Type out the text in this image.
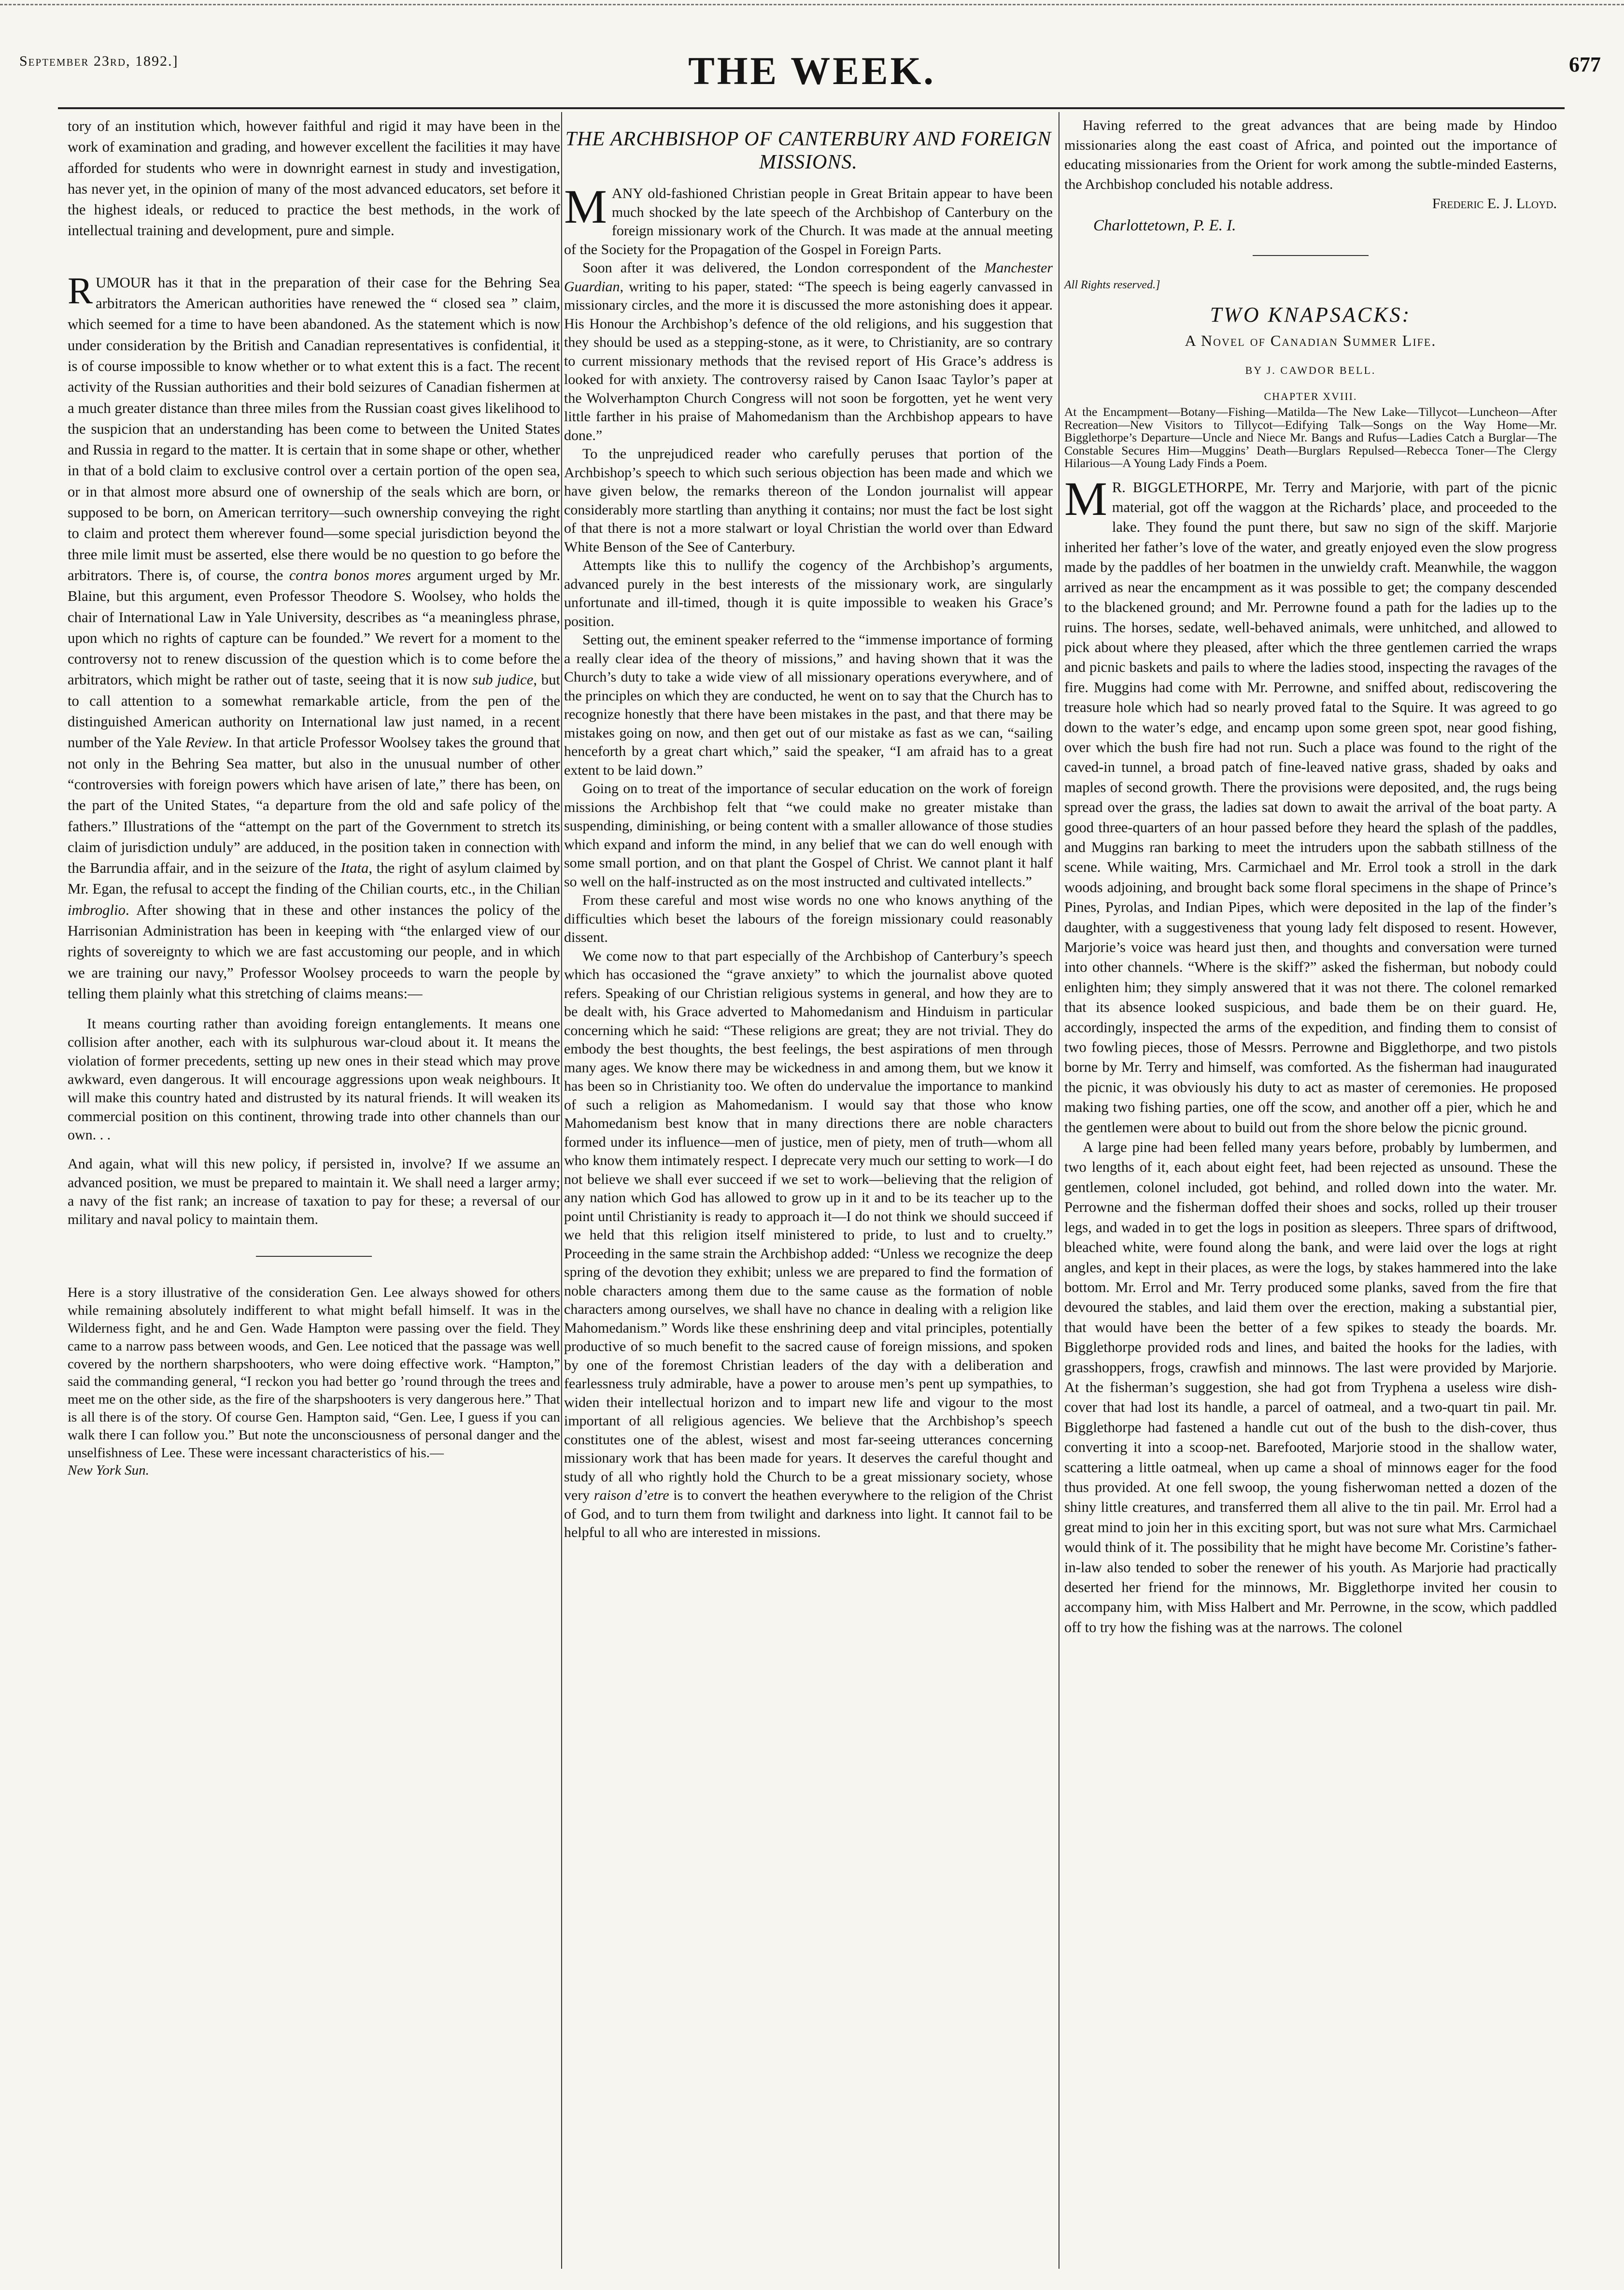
September 23rd, 1892.]	THE WEEK.	677

tory of an institution which, however faithful and rigid it may have been in the work of examination and grading, and however excellent the facilities it may have afforded for students who were in downright earnest in study and investigation, has never yet, in the opinion of many of the most advanced educators, set before it the highest ideals, or reduced to practice the best methods, in the work of intellectual training and development, pure and simple.

RUMOUR has it that in the preparation of their case for the Behring Sea arbitrators the American authorities have renewed the “ closed sea ” claim, which seemed for a time to have been abandoned. As the statement which is now under consideration by the British and Canadian representatives is confidential, it is of course impossible to know whether or to what extent this is a fact. The recent activity of the Russian authorities and their bold seizures of Canadian fishermen at a much greater distance than three miles from the Russian coast gives likelihood to the suspicion that an understanding has been come to between the United States and Russia in regard to the matter. It is certain that in some shape or other, whether in that of a bold claim to exclusive control over a certain portion of the open sea, or in that almost more absurd one of ownership of the seals which are born, or supposed to be born, on American territory—such ownership conveying the right to claim and protect them wherever found—some special jurisdiction beyond the three mile limit must be asserted, else there would be no question to go before the arbitrators. There is, of course, the contra bonos mores argument urged by Mr. Blaine, but this argument, even Professor Theodore S. Woolsey, who holds the chair of International Law in Yale University, describes as “a meaningless phrase, upon which no rights of capture can be founded.” We revert for a moment to the controversy not to renew discussion of the question which is to come before the arbitrators, which might be rather out of taste, seeing that it is now sub judice, but to call attention to a somewhat remarkable article, from the pen of the distinguished American authority on International law just named, in a recent number of the Yale Review. In that article Professor Woolsey takes the ground that not only in the Behring Sea matter, but also in the unusual number of other “controversies with foreign powers which have arisen of late,” there has been, on the part of the United States, “a departure from the old and safe policy of the fathers.” Illustrations of the “attempt on the part of the Government to stretch its claim of jurisdiction unduly” are adduced, in the position taken in connection with the Barrundia affair, and in the seizure of the Itata, the right of asylum claimed by Mr. Egan, the refusal to accept the finding of the Chilian courts, etc., in the Chilian imbroglio. After showing that in these and other instances the policy of the Harrisonian Administration has been in keeping with “the enlarged view of our rights of sovereignty to which we are fast accustoming our people, and in which we are training our navy,” Professor Woolsey proceeds to warn the people by telling them plainly what this stretching of claims means:—

It means courting rather than avoiding foreign entanglements. It means one collision after another, each with its sulphurous war-cloud about it. It means the violation of former precedents, setting up new ones in their stead which may prove awkward, even dangerous. It will encourage aggressions upon weak neighbours. It will make this country hated and distrusted by its natural friends. It will weaken its commercial position on this continent, throwing trade into other channels than our own. . .

And again, what will this new policy, if persisted in, involve? If we assume an advanced position, we must be prepared to maintain it. We shall need a larger army; a navy of the fist rank; an increase of taxation to pay for these; a reversal of our military and naval policy to maintain them.

Here is a story illustrative of the consideration Gen. Lee always showed for others while remaining absolutely indifferent to what might befall himself. It was in the Wilderness fight, and he and Gen. Wade Hampton were passing over the field. They came to a narrow pass between woods, and Gen. Lee noticed that the passage was well covered by the northern sharpshooters, who were doing effective work. “Hampton,” said the commanding general, “I reckon you had better go ’round through the trees and meet me on the other side, as the fire of the sharpshooters is very dangerous here.” That is all there is of the story. Of course Gen. Hampton said, “Gen. Lee, I guess if you can walk there I can follow you.” But note the unconsciousness of personal danger and the unselfishness of Lee. These were incessant characteristics of his.—
New York Sun.

THE ARCHBISHOP OF CANTERBURY AND FOREIGN MISSIONS.

MANY old-fashioned Christian people in Great Britain appear to have been much shocked by the late speech of the Archbishop of Canterbury on the foreign missionary work of the Church. It was made at the annual meeting of the Society for the Propagation of the Gospel in Foreign Parts.

Soon after it was delivered, the London correspondent of the Manchester Guardian, writing to his paper, stated: “The speech is being eagerly canvassed in missionary circles, and the more it is discussed the more astonishing does it appear. His Honour the Archbishop’s defence of the old religions, and his suggestion that they should be used as a stepping-stone, as it were, to Christianity, are so contrary to current missionary methods that the revised report of His Grace’s address is looked for with anxiety. The controversy raised by Canon Isaac Taylor’s paper at the Wolverhampton Church Congress will not soon be forgotten, yet he went very little farther in his praise of Mahomedanism than the Archbishop appears to have done.”

To the unprejudiced reader who carefully peruses that portion of the Archbishop’s speech to which such serious objection has been made and which we have given below, the remarks thereon of the London journalist will appear considerably more startling than anything it contains; nor must the fact be lost sight of that there is not a more stalwart or loyal Christian the world over than Edward White Benson of the See of Canterbury.

Attempts like this to nullify the cogency of the Archbishop’s arguments, advanced purely in the best interests of the missionary work, are singularly unfortunate and ill-timed, though it is quite impossible to weaken his Grace’s position.

Setting out, the eminent speaker referred to the “immense importance of forming a really clear idea of the theory of missions,” and having shown that it was the Church’s duty to take a wide view of all missionary operations everywhere, and of the principles on which they are conducted, he went on to say that the Church has to recognize honestly that there have been mistakes in the past, and that there may be mistakes going on now, and then get out of our mistake as fast as we can, “sailing henceforth by a great chart which,” said the speaker, “I am afraid has to a great extent to be laid down.”

Going on to treat of the importance of secular education on the work of foreign missions the Archbishop felt that “we could make no greater mistake than suspending, diminishing, or being content with a smaller allowance of those studies which expand and inform the mind, in any belief that we can do well enough with some small portion, and on that plant the Gospel of Christ. We cannot plant it half so well on the half-instructed as on the most instructed and cultivated intellects.”

From these careful and most wise words no one who knows anything of the difficulties which beset the labours of the foreign missionary could reasonably dissent.

We come now to that part especially of the Archbishop of Canterbury’s speech which has occasioned the “grave anxiety” to which the journalist above quoted refers. Speaking of our Christian religious systems in general, and how they are to be dealt with, his Grace adverted to Mahomedanism and Hinduism in particular concerning which he said: “These religions are great; they are not trivial. They do embody the best thoughts, the best feelings, the best aspirations of men through many ages. We know there may be wickedness in and among them, but we know it has been so in Christianity too. We often do undervalue the importance to mankind of such a religion as Mahomedanism. I would say that those who know Mahomedanism best know that in many directions there are noble characters formed under its influence—men of justice, men of piety, men of truth—whom all who know them intimately respect. I deprecate very much our setting to work—I do not believe we shall ever succeed if we set to work—believing that the religion of any nation which God has allowed to grow up in it and to be its teacher up to the point until Christianity is ready to approach it—I do not think we should succeed if we held that this religion itself ministered to pride, to lust and to cruelty.” Proceeding in the same strain the Archbishop added: “Unless we recognize the deep spring of the devotion they exhibit; unless we are prepared to find the formation of noble characters among them due to the same cause as the formation of noble characters among ourselves, we shall have no chance in dealing with a religion like Mahomedanism.” Words like these enshrining deep and vital principles, potentially productive of so much benefit to the sacred cause of foreign missions, and spoken by one of the foremost Christian leaders of the day with a deliberation and fearlessness truly admirable, have a power to arouse men’s pent up sympathies, to widen their intellectual horizon and to impart new life and vigour to the most important of all religious agencies. We believe that the Archbishop’s speech constitutes one of the ablest, wisest and most far-seeing utterances concerning missionary work that has been made for years. It deserves the careful thought and study of all who rightly hold the Church to be a great missionary society, whose very raison d’etre is to convert the heathen everywhere to the religion of the Christ of God, and to turn them from twilight and darkness into light. It cannot fail to be helpful to all who are interested in missions.

Having referred to the great advances that are being made by Hindoo missionaries along the east coast of Africa, and pointed out the importance of educating missionaries from the Orient for work among the subtle-minded Easterns, the Archbishop concluded his notable address.

Frederic E. J. Lloyd.

Charlottetown, P. E. I.

All Rights reserved.]

TWO KNAPSACKS:
A Novel of Canadian Summer Life.
BY J. CAWDOR BELL.
CHAPTER XVIII.
At the Encampment—Botany—Fishing—Matilda—The New Lake—Tillycot—Luncheon—After Recreation—New Visitors to Tillycot—Edifying Talk—Songs on the Way Home—Mr. Bigglethorpe’s Departure—Uncle and Niece Mr. Bangs and Rufus—Ladies Catch a Burglar—The Constable Secures Him—Muggins’ Death—Burglars Repulsed—Rebecca Toner—The Clergy Hilarious—A Young Lady Finds a Poem.

M R. BIGGLETHORPE, Mr. Terry and Marjorie, with part of the picnic material, got off the waggon at the Richards’ place, and proceeded to the lake. They found the punt there, but saw no sign of the skiff. Marjorie inherited her father’s love of the water, and greatly enjoyed even the slow progress made by the paddles of her boatmen in the unwieldy craft. Meanwhile, the waggon arrived as near the encampment as it was possible to get; the company descended to the blackened ground; and Mr. Perrowne found a path for the ladies up to the ruins. The horses, sedate, well-behaved animals, were unhitched, and allowed to pick about where they pleased, after which the three gentlemen carried the wraps and picnic baskets and pails to where the ladies stood, inspecting the ravages of the fire. Muggins had come with Mr. Perrowne, and sniffed about, rediscovering the treasure hole which had so nearly proved fatal to the Squire. It was agreed to go down to the water’s edge, and encamp upon some green spot, near good fishing, over which the bush fire had not run. Such a place was found to the right of the caved-in tunnel, a broad patch of fine-leaved native grass, shaded by oaks and maples of second growth. There the provisions were deposited, and, the rugs being spread over the grass, the ladies sat down to await the arrival of the boat party. A good three-quarters of an hour passed before they heard the splash of the paddles, and Muggins ran barking to meet the intruders upon the sabbath stillness of the scene. While waiting, Mrs. Carmichael and Mr. Errol took a stroll in the dark woods adjoining, and brought back some floral specimens in the shape of Prince’s Pines, Pyrolas, and Indian Pipes, which were deposited in the lap of the finder’s daughter, with a suggestiveness that young lady felt disposed to resent. However, Marjorie’s voice was heard just then, and thoughts and conversation were turned into other channels. “Where is the skiff?” asked the fisherman, but nobody could enlighten him; they simply answered that it was not there. The colonel remarked that its absence looked suspicious, and bade them be on their guard. He, accordingly, inspected the arms of the expedition, and finding them to consist of two fowling pieces, those of Messrs. Perrowne and Bigglethorpe, and two pistols borne by Mr. Terry and himself, was comforted. As the fisherman had inaugurated the picnic, it was obviously his duty to act as master of ceremonies. He proposed making two fishing parties, one off the scow, and another off a pier, which he and the gentlemen were about to build out from the shore below the picnic ground.

A large pine had been felled many years before, probably by lumbermen, and two lengths of it, each about eight feet, had been rejected as unsound. These the gentlemen, colonel included, got behind, and rolled down into the water. Mr. Perrowne and the fisherman doffed their shoes and socks, rolled up their trouser legs, and waded in to get the logs in position as sleepers. Three spars of driftwood, bleached white, were found along the bank, and were laid over the logs at right angles, and kept in their places, as were the logs, by stakes hammered into the lake bottom. Mr. Errol and Mr. Terry produced some planks, saved from the fire that devoured the stables, and laid them over the erection, making a substantial pier, that would have been the better of a few spikes to steady the boards. Mr. Bigglethorpe provided rods and lines, and baited the hooks for the ladies, with grasshoppers, frogs, crawfish and minnows. The last were provided by Marjorie. At the fisherman’s suggestion, she had got from Tryphena a useless wire dish-cover that had lost its handle, a parcel of oatmeal, and a two-quart tin pail. Mr. Bigglethorpe had fastened a handle cut out of the bush to the dish-cover, thus converting it into a scoop-net. Barefooted, Marjorie stood in the shallow water, scattering a little oatmeal, when up came a shoal of minnows eager for the food thus provided. At one fell swoop, the young fisherwoman netted a dozen of the shiny little creatures, and transferred them all alive to the tin pail. Mr. Errol had a great mind to join her in this exciting sport, but was not sure what Mrs. Carmichael would think of it. The possibility that he might have become Mr. Coristine’s father-in-law also tended to sober the renewer of his youth. As Marjorie had practically deserted her friend for the minnows, Mr. Bigglethorpe invited her cousin to accompany him, with Miss Halbert and Mr. Perrowne, in the scow, which paddled off to try how the fishing was at the narrows. The colonel
